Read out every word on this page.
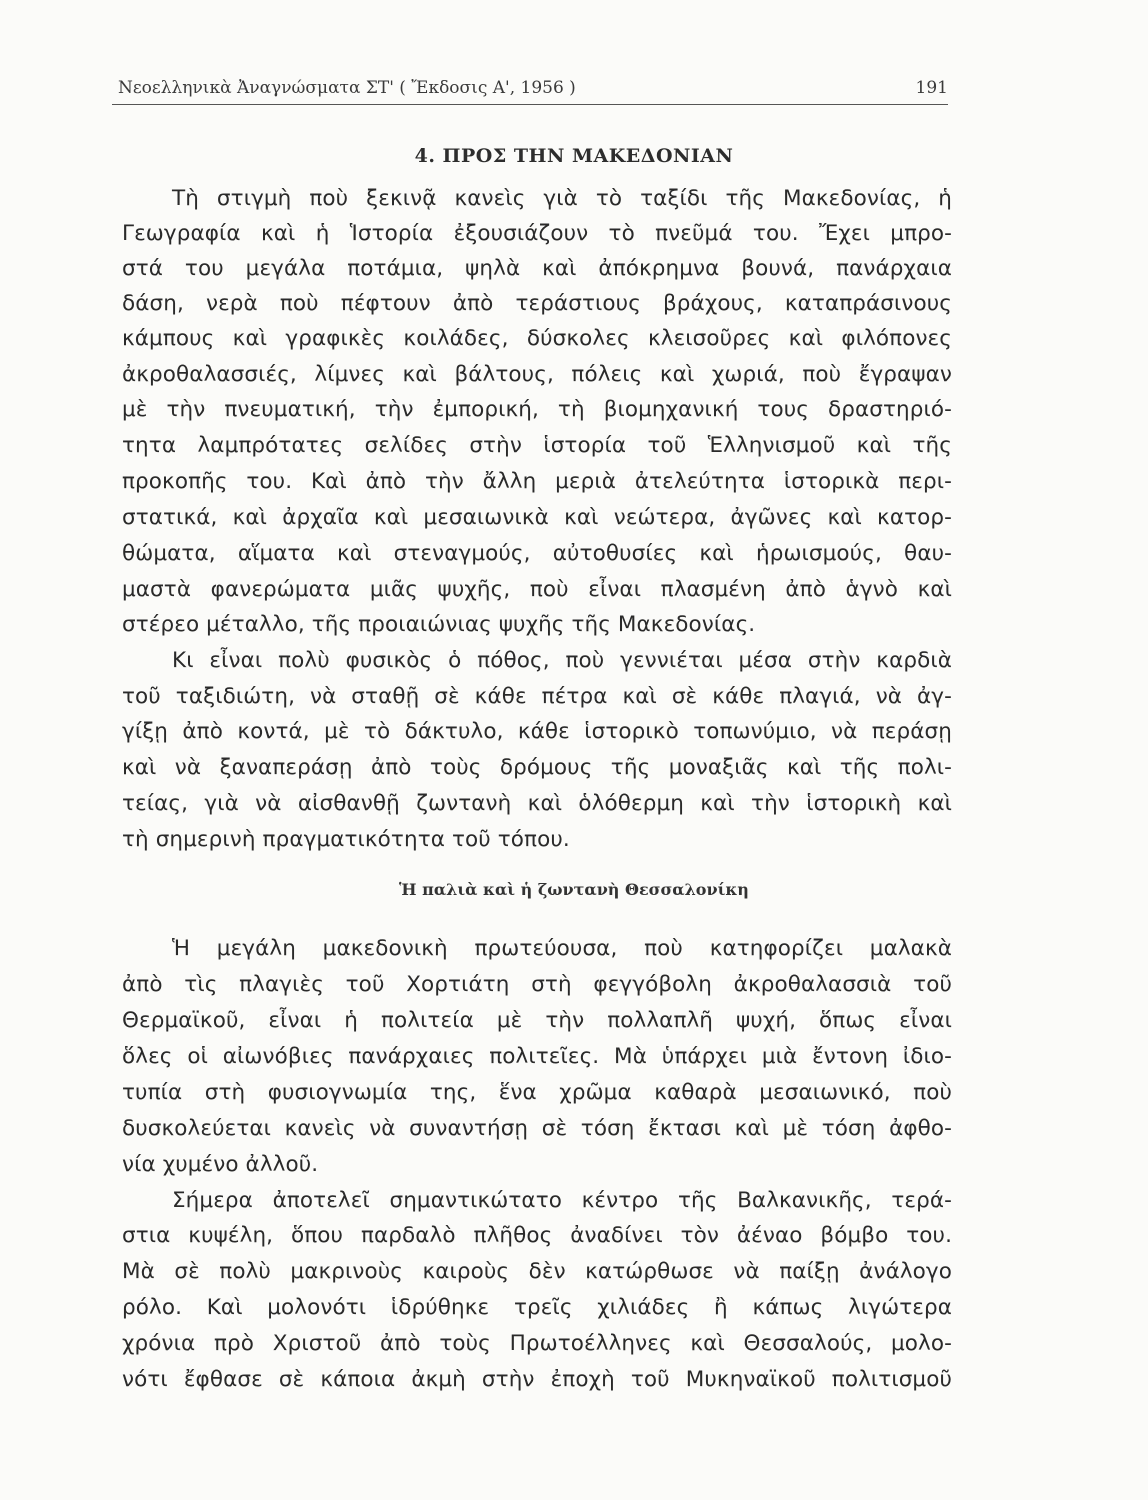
Νεοελληνικὰ Ἀναγνώσματα ΣΤ' ( Ἔκδοσις Α', 1956 )	191
4. ΠΡΟΣ ΤΗΝ ΜΑΚΕΔΟΝΙΑΝ
Τὴ στιγμὴ ποὺ ξεκινᾷ κανεὶς γιὰ τὸ ταξίδι τῆς Μακεδονίας, ἡ
Γεωγραφία καὶ ἡ Ἱστορία ἐξουσιάζουν τὸ πνεῦμά του. Ἔχει μπρο-
στά του μεγάλα ποτάμια, ψηλὰ καὶ ἀπόκρημνα βουνά, πανάρχαια
δάση, νερὰ ποὺ πέφτουν ἀπὸ τεράστιους βράχους, καταπράσινους
κάμπους καὶ γραφικὲς κοιλάδες, δύσκολες κλεισοῦρες καὶ φιλόπονες
ἀκροθαλασσιές, λίμνες καὶ βάλτους, πόλεις καὶ χωριά, ποὺ ἔγραψαν
μὲ τὴν πνευματική, τὴν ἐμπορική, τὴ βιομηχανική τους δραστηριό-
τητα λαμπρότατες σελίδες στὴν ἱστορία τοῦ Ἑλληνισμοῦ καὶ τῆς
προκοπῆς του. Καὶ ἀπὸ τὴν ἄλλη μεριὰ ἀτελεύτητα ἱστορικὰ περι-
στατικά, καὶ ἀρχαῖα καὶ μεσαιωνικὰ καὶ νεώτερα, ἀγῶνες καὶ κατορ-
θώματα, αἵματα καὶ στεναγμούς, αὐτοθυσίες καὶ ἡρωισμούς, θαυ-
μαστὰ φανερώματα μιᾶς ψυχῆς, ποὺ εἶναι πλασμένη ἀπὸ ἁγνὸ καὶ
στέρεο μέταλλο, τῆς προιαιώνιας ψυχῆς τῆς Μακεδονίας.
Κι εἶναι πολὺ φυσικὸς ὁ πόθος, ποὺ γεννιέται μέσα στὴν καρδιὰ
τοῦ ταξιδιώτη, νὰ σταθῇ σὲ κάθε πέτρα καὶ σὲ κάθε πλαγιά, νὰ ἀγ-
γίξῃ ἀπὸ κοντά, μὲ τὸ δάκτυλο, κάθε ἱστορικὸ τοπωνύμιο, νὰ περάσῃ
καὶ νὰ ξαναπεράσῃ ἀπὸ τοὺς δρόμους τῆς μοναξιᾶς καὶ τῆς πολι-
τείας, γιὰ νὰ αἰσθανθῇ ζωντανὴ καὶ ὁλόθερμη καὶ τὴν ἱστορικὴ καὶ
τὴ σημερινὴ πραγματικότητα τοῦ τόπου.
Ἡ παλιὰ καὶ ἡ ζωντανὴ Θεσσαλονίκη
Ἡ μεγάλη μακεδονικὴ πρωτεύουσα, ποὺ κατηφορίζει μαλακὰ
ἀπὸ τὶς πλαγιὲς τοῦ Χορτιάτη στὴ φεγγόβολη ἀκροθαλασσιὰ τοῦ
Θερμαϊκοῦ, εἶναι ἡ πολιτεία μὲ τὴν πολλαπλῆ ψυχή, ὅπως εἶναι
ὅλες οἱ αἰωνόβιες πανάρχαιες πολιτεῖες. Μὰ ὑπάρχει μιὰ ἔντονη ἰδιο-
τυπία στὴ φυσιογνωμία της, ἕνα χρῶμα καθαρὰ μεσαιωνικό, ποὺ
δυσκολεύεται κανεὶς νὰ συναντήσῃ σὲ τόση ἔκτασι καὶ μὲ τόση ἀφθο-
νία χυμένο ἀλλοῦ.
Σήμερα ἀποτελεῖ σημαντικώτατο κέντρο τῆς Βαλκανικῆς, τερά-
στια κυψέλη, ὅπου παρδαλὸ πλῆθος ἀναδίνει τὸν ἀέναο βόμβο του.
Μὰ σὲ πολὺ μακρινοὺς καιροὺς δὲν κατώρθωσε νὰ παίξῃ ἀνάλογο
ρόλο. Καὶ μολονότι ἱδρύθηκε τρεῖς χιλιάδες ἢ κάπως λιγώτερα
χρόνια πρὸ Χριστοῦ ἀπὸ τοὺς Πρωτοέλληνες καὶ Θεσσαλούς, μολο-
νότι ἔφθασε σὲ κάποια ἀκμὴ στὴν ἐποχὴ τοῦ Μυκηναϊκοῦ πολιτισμοῦ
